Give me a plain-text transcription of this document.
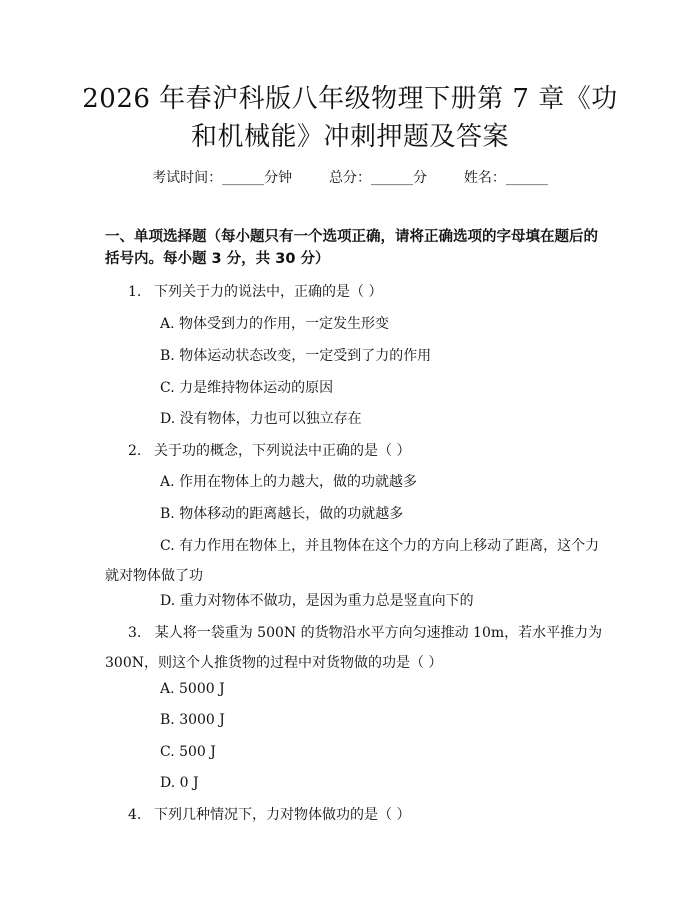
2026 年春沪科版八年级物理下册第 7 章《功
和机械能》冲刺押题及答案
考试时间：______分钟	总分：______分	姓名：______
一、单项选择题（每小题只有一个选项正确，请将正确选项的字母填在题后的括号内。每小题 3 分，共 30 分）
1. 下列关于力的说法中，正确的是（ ）
A. 物体受到力的作用，一定发生形变
B. 物体运动状态改变，一定受到了力的作用
C. 力是维持物体运动的原因
D. 没有物体，力也可以独立存在
2. 关于功的概念，下列说法中正确的是（ ）
A. 作用在物体上的力越大，做的功就越多
B. 物体移动的距离越长，做的功就越多
C. 有力作用在物体上，并且物体在这个力的方向上移动了距离，这个力就对物体做了功
D. 重力对物体不做功，是因为重力总是竖直向下的
3. 某人将一袋重为 500N 的货物沿水平方向匀速推动 10m，若水平推力为 300N，则这个人推货物的过程中对货物做的功是（ ）
A. 5000 J
B. 3000 J
C. 500 J
D. 0 J
4. 下列几种情况下，力对物体做功的是（ ）
